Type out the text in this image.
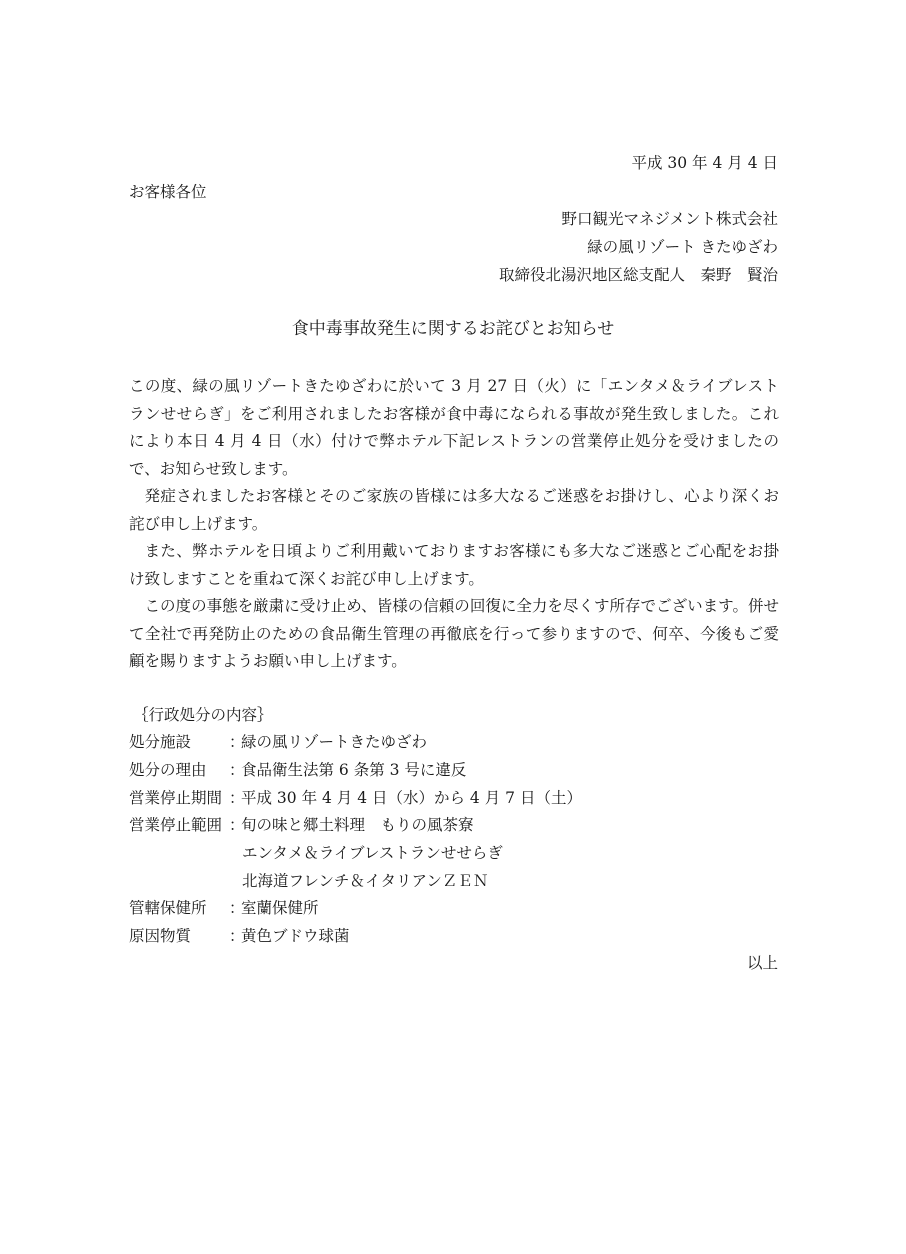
平成 30 年 4 月 4 日
お客様各位
野口観光マネジメント株式会社
緑の風リゾート きたゆざわ
取締役北湯沢地区総支配人　秦野　賢治
食中毒事故発生に関するお詫びとお知らせ

この度、緑の風リゾートきたゆざわに於いて 3 月 27 日（火）に「エンタメ＆ライブレストランせせらぎ」をご利用されましたお客様が食中毒になられる事故が発生致しました。これにより本日 4 月 4 日（水）付けで弊ホテル下記レストランの営業停止処分を受けましたので、お知らせ致します。

発症されましたお客様とそのご家族の皆様には多大なるご迷惑をお掛けし、心より深くお詫び申し上げます。

また、弊ホテルを日頃よりご利用戴いておりますお客様にも多大なご迷惑とご心配をお掛け致しますことを重ねて深くお詫び申し上げます。

この度の事態を厳粛に受け止め、皆様の信頼の回復に全力を尽くす所存でございます。併せて全社で再発防止のための食品衛生管理の再徹底を行って参りますので、何卒、今後もご愛顧を賜りますようお願い申し上げます。

｛行政処分の内容｝
処分施設	：
緑の風リゾートきたゆざわ
処分の理由	：
食品衛生法第 6 条第 3 号に違反
営業停止期間 ：
平成 30 年 4 月 4 日（水）から 4 月 7 日（土）
営業停止範囲 ：
旬の味と郷土料理　もりの風茶寮
エンタメ＆ライブレストランせせらぎ
北海道フレンチ＆イタリアンＺＥＮ
管轄保健所	：
室蘭保健所
原因物質	：
黄色ブドウ球菌
以上
